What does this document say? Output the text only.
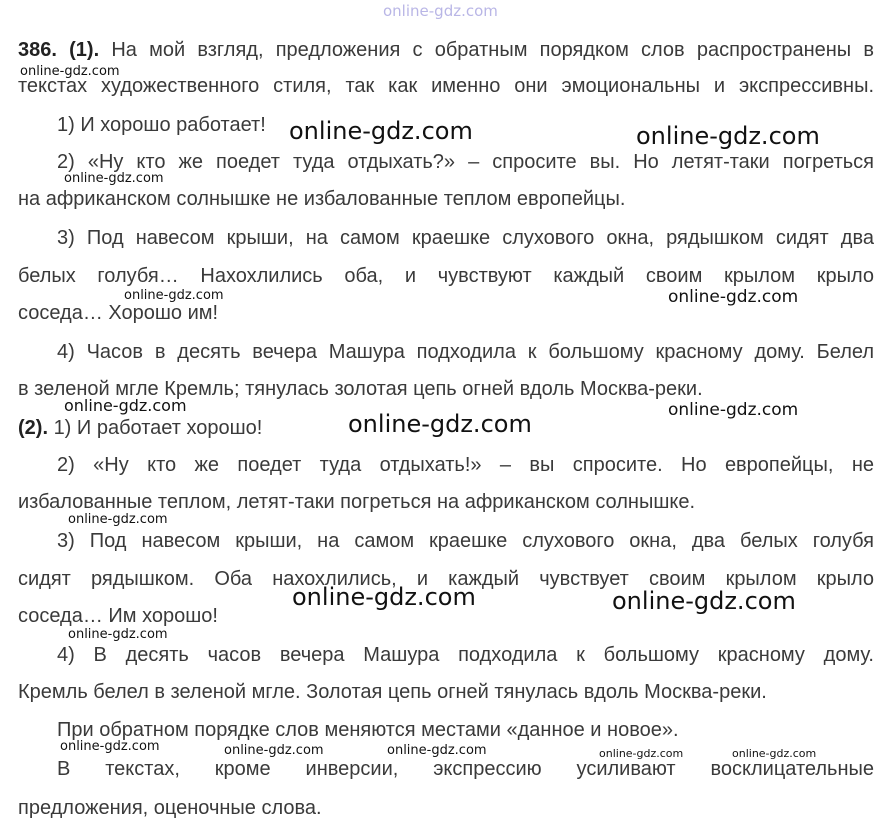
online-gdz.com
386. (1). На мой взгляд, предложения с обратным порядком слов распространены в
текстах художественного стиля, так как именно они эмоциональны и экспрессивны.
1) И хорошо работает!
2) «Ну кто же поедет туда отдыхать?» – спросите вы. Но летят-таки погреться
на африканском солнышке не избалованные теплом европейцы.
3) Под навесом крыши, на самом краешке слухового окна, рядышком сидят два
белых голубя… Нахохлились оба, и чувствуют каждый своим крылом крыло
соседа… Хорошо им!
4) Часов в десять вечера Машура подходила к большому красному дому. Белел
в зеленой мгле Кремль; тянулась золотая цепь огней вдоль Москва-реки.
(2). 1) И работает хорошо!
2) «Ну кто же поедет туда отдыхать!» – вы спросите. Но европейцы, не
избалованные теплом, летят-таки погреться на африканском солнышке.
3) Под навесом крыши, на самом краешке слухового окна, два белых голубя
сидят рядышком. Оба нахохлились, и каждый чувствует своим крылом крыло
соседа… Им хорошо!
4) В десять часов вечера Машура подходила к большому красному дому.
Кремль белел в зеленой мгле. Золотая цепь огней тянулась вдоль Москва-реки.
При обратном порядке слов меняются местами «данное и новое».
В текстах, кроме инверсии, экспрессию усиливают восклицательные
предложения, оценочные слова.
online-gdz.com
online-gdz.com	online-gdz.com
online-gdz.com
online-gdz.com	online-gdz.com
online-gdz.com	online-gdz.com
online-gdz.com
online-gdz.com
online-gdz.com	online-gdz.com
online-gdz.com
online-gdz.com	online-gdz.com	online-gdz.com	online-gdz.com	online-gdz.com
